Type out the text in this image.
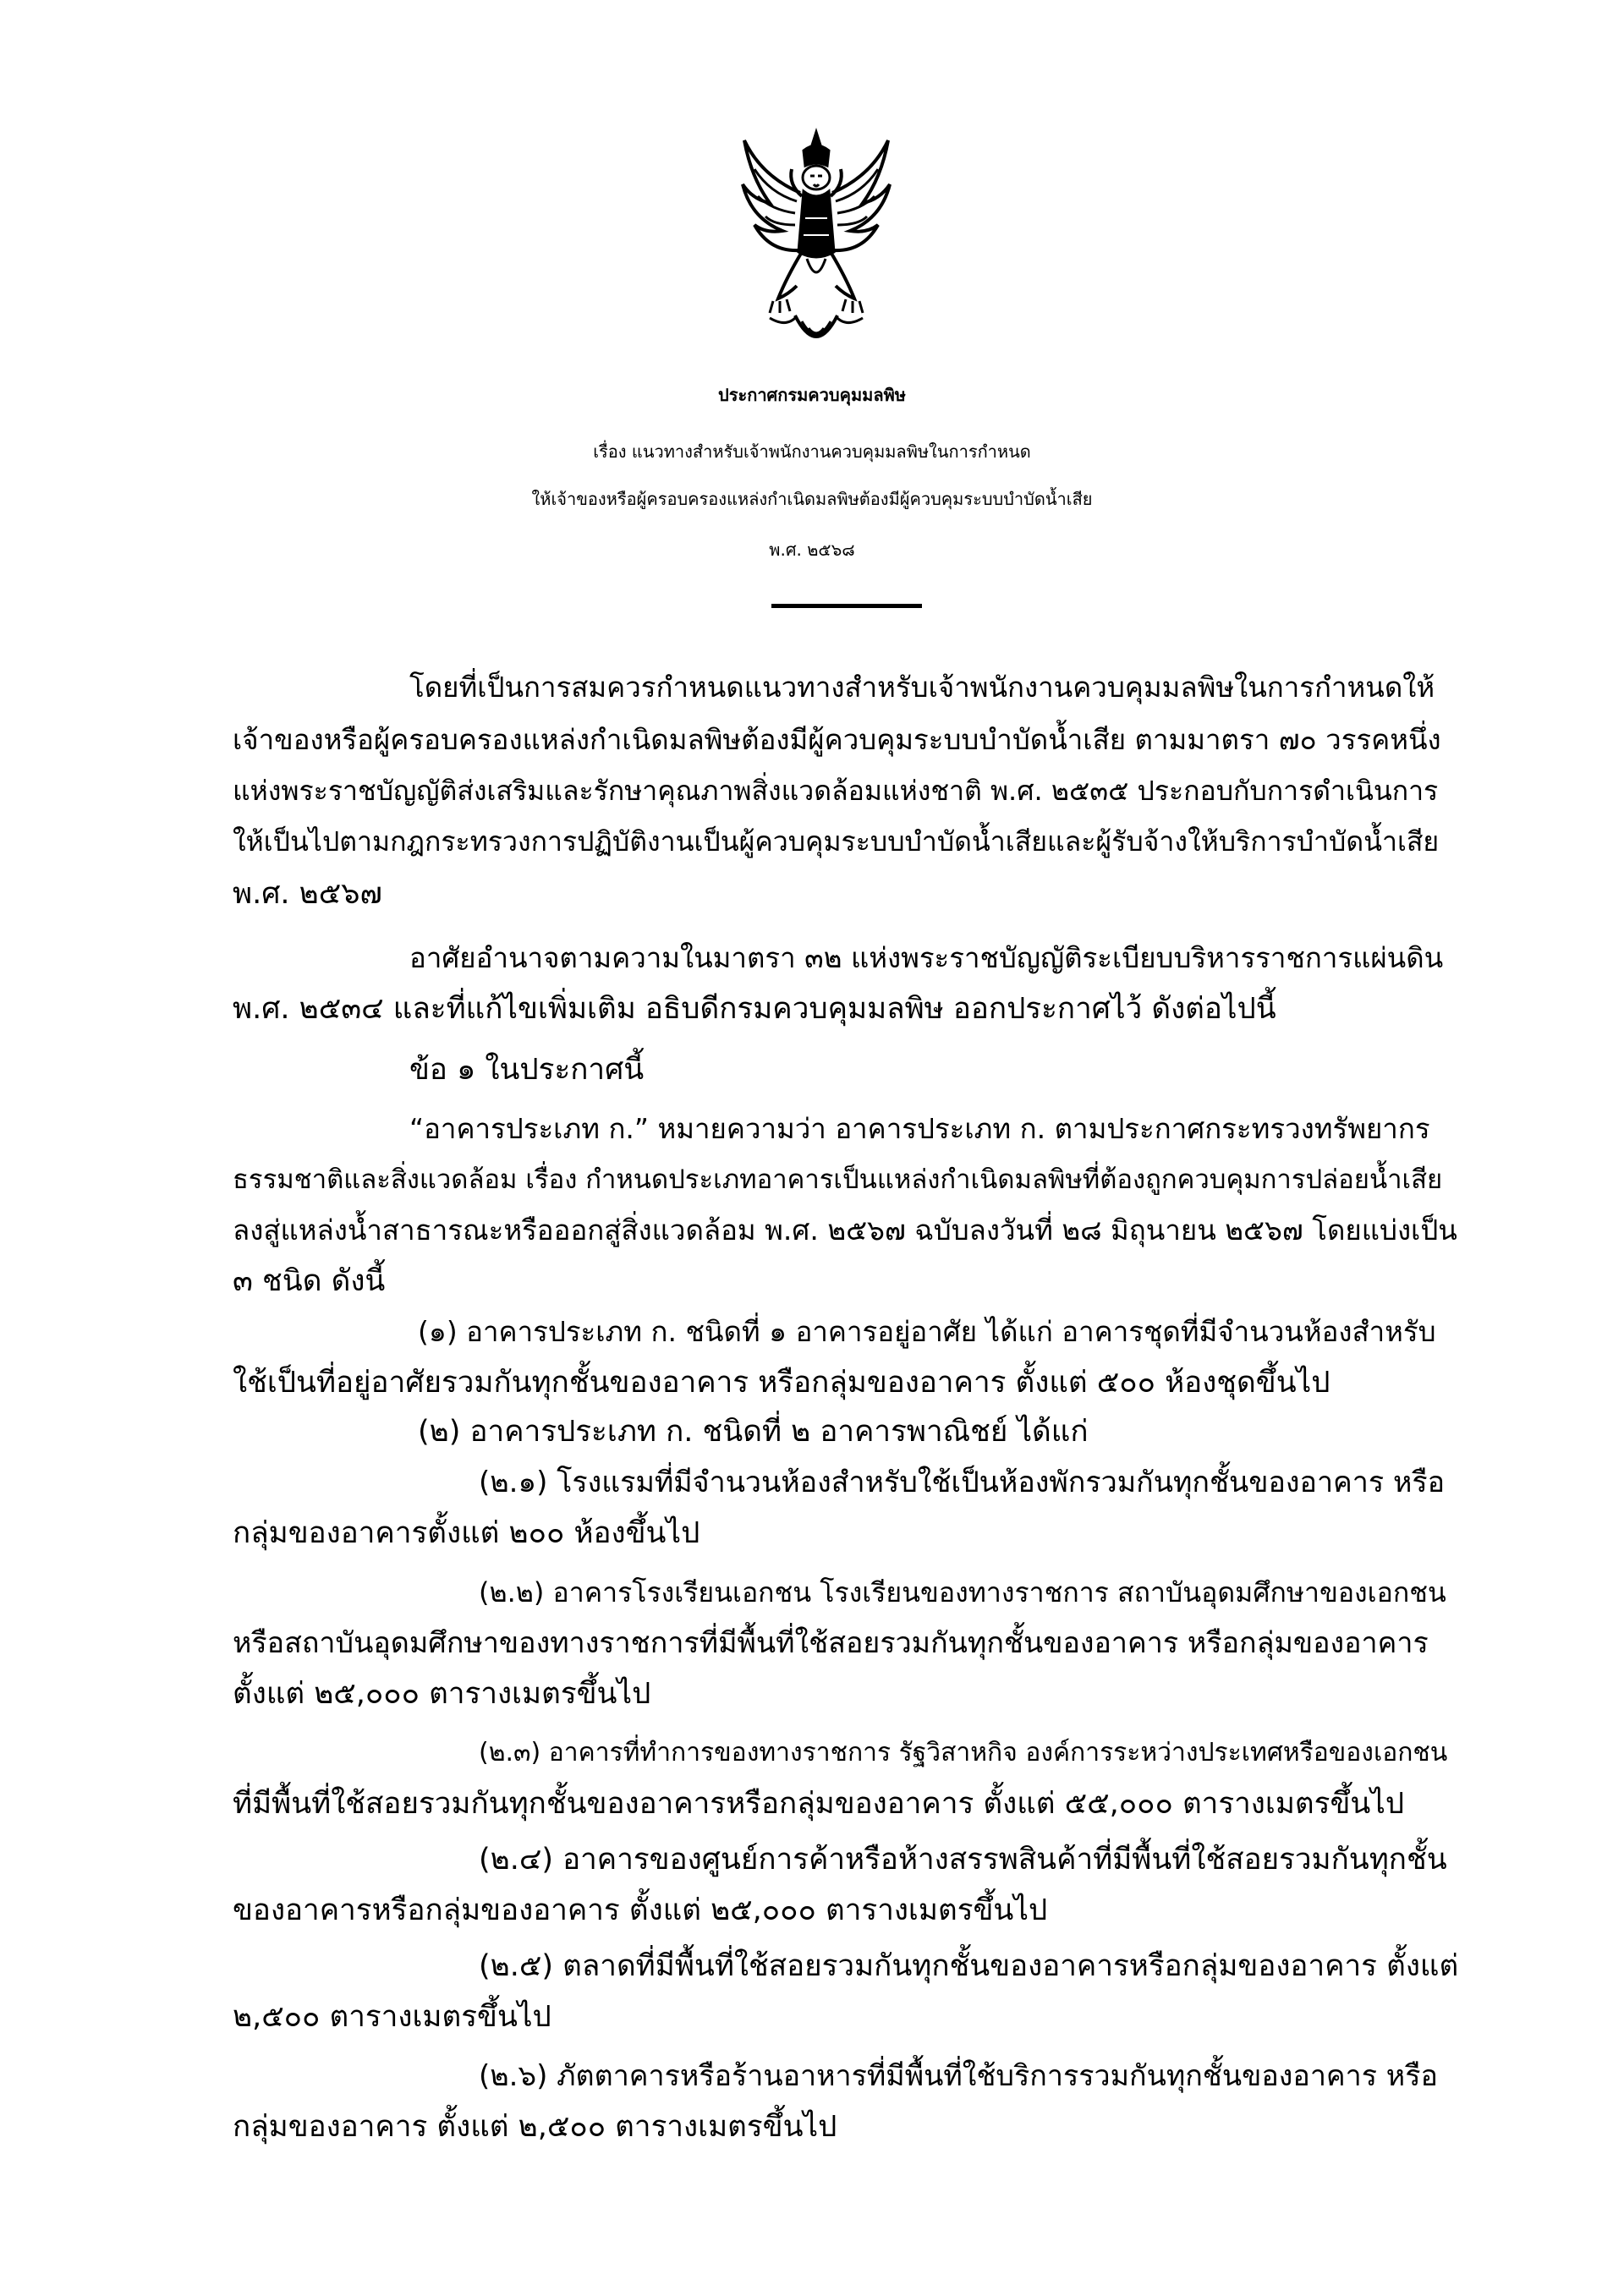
ประกาศกรมควบคุมมลพิษ
เรื่อง แนวทางสำหรับเจ้าพนักงานควบคุมมลพิษในการกำหนด
ให้เจ้าของหรือผู้ครอบครองแหล่งกำเนิดมลพิษต้องมีผู้ควบคุมระบบบำบัดน้ำเสีย
พ.ศ. ๒๕๖๘
โดยที่เป็นการสมควรกำหนดแนวทางสำหรับเจ้าพนักงานควบคุมมลพิษในการกำหนดให้
เจ้าของหรือผู้ครอบครองแหล่งกำเนิดมลพิษต้องมีผู้ควบคุมระบบบำบัดน้ำเสีย ตามมาตรา ๗๐ วรรคหนึ่ง
แห่งพระราชบัญญัติส่งเสริมและรักษาคุณภาพสิ่งแวดล้อมแห่งชาติ พ.ศ. ๒๕๓๕ ประกอบกับการดำเนินการ
ให้เป็นไปตามกฎกระทรวงการปฏิบัติงานเป็นผู้ควบคุมระบบบำบัดน้ำเสียและผู้รับจ้างให้บริการบำบัดน้ำเสีย
พ.ศ. ๒๕๖๗
อาศัยอำนาจตามความในมาตรา ๓๒ แห่งพระราชบัญญัติระเบียบบริหารราชการแผ่นดิน
พ.ศ. ๒๕๓๔ และที่แก้ไขเพิ่มเติม อธิบดีกรมควบคุมมลพิษ ออกประกาศไว้ ดังต่อไปนี้
ข้อ ๑ ในประกาศนี้
“อาคารประเภท ก.” หมายความว่า อาคารประเภท ก. ตามประกาศกระทรวงทรัพยากร
ธรรมชาติและสิ่งแวดล้อม เรื่อง กำหนดประเภทอาคารเป็นแหล่งกำเนิดมลพิษที่ต้องถูกควบคุมการปล่อยน้ำเสีย
ลงสู่แหล่งน้ำสาธารณะหรือออกสู่สิ่งแวดล้อม พ.ศ. ๒๕๖๗ ฉบับลงวันที่ ๒๘ มิถุนายน ๒๕๖๗ โดยแบ่งเป็น
๓ ชนิด ดังนี้
(๑) อาคารประเภท ก. ชนิดที่ ๑ อาคารอยู่อาศัย ได้แก่ อาคารชุดที่มีจำนวนห้องสำหรับ
ใช้เป็นที่อยู่อาศัยรวมกันทุกชั้นของอาคาร หรือกลุ่มของอาคาร ตั้งแต่ ๕๐๐ ห้องชุดขึ้นไป
(๒) อาคารประเภท ก. ชนิดที่ ๒ อาคารพาณิชย์ ได้แก่
(๒.๑) โรงแรมที่มีจำนวนห้องสำหรับใช้เป็นห้องพักรวมกันทุกชั้นของอาคาร หรือ
กลุ่มของอาคารตั้งแต่ ๒๐๐ ห้องขึ้นไป
(๒.๒) อาคารโรงเรียนเอกชน โรงเรียนของทางราชการ สถาบันอุดมศึกษาของเอกชน
หรือสถาบันอุดมศึกษาของทางราชการที่มีพื้นที่ใช้สอยรวมกันทุกชั้นของอาคาร หรือกลุ่มของอาคาร
ตั้งแต่ ๒๕,๐๐๐ ตารางเมตรขึ้นไป
(๒.๓) อาคารที่ทำการของทางราชการ รัฐวิสาหกิจ องค์การระหว่างประเทศหรือของเอกชน
ที่มีพื้นที่ใช้สอยรวมกันทุกชั้นของอาคารหรือกลุ่มของอาคาร ตั้งแต่ ๕๕,๐๐๐ ตารางเมตรขึ้นไป
(๒.๔) อาคารของศูนย์การค้าหรือห้างสรรพสินค้าที่มีพื้นที่ใช้สอยรวมกันทุกชั้น
ของอาคารหรือกลุ่มของอาคาร ตั้งแต่ ๒๕,๐๐๐ ตารางเมตรขึ้นไป
(๒.๕) ตลาดที่มีพื้นที่ใช้สอยรวมกันทุกชั้นของอาคารหรือกลุ่มของอาคาร ตั้งแต่
๒,๕๐๐ ตารางเมตรขึ้นไป
(๒.๖) ภัตตาคารหรือร้านอาหารที่มีพื้นที่ใช้บริการรวมกันทุกชั้นของอาคาร หรือ
กลุ่มของอาคาร ตั้งแต่ ๒,๕๐๐ ตารางเมตรขึ้นไป
